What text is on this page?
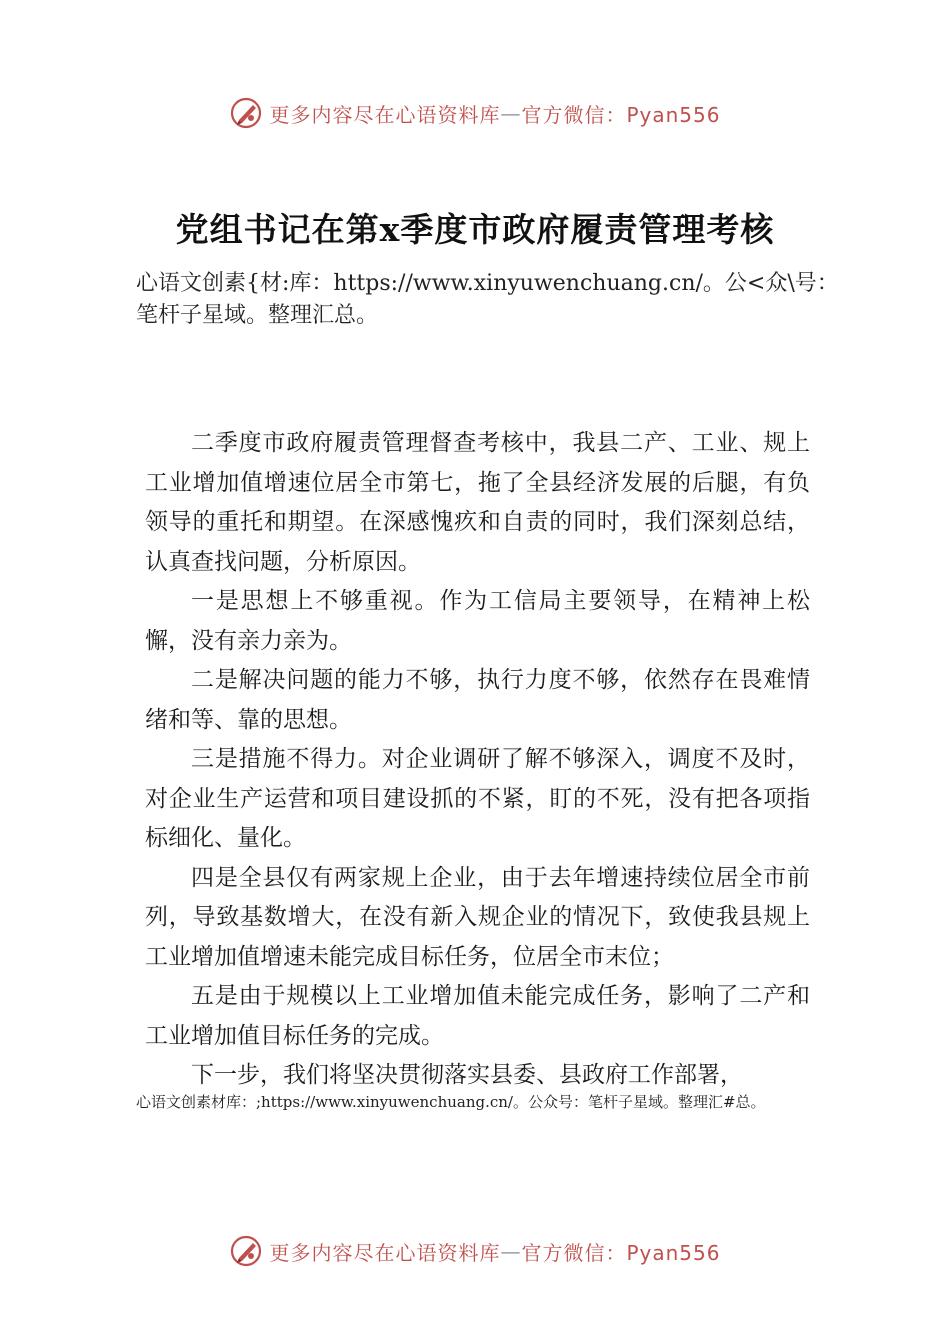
更多内容尽在心语资料库 — 官方微信：Pyan556
党组书记在第x季度市政府履责管理考核
心语文创素{材:库：https://www.xinyuwenchuang.cn/。公<众\号：笔杆子星域。整理汇总。

二季度市政府履责管理督查考核中，我县二产、工业、规上工业增加值增速位居全市第七，拖了全县经济发展的后腿，有负领导的重托和期望。在深感愧疚和自责的同时，我们深刻总结，认真查找问题，分析原因。

一是思想上不够重视。作为工信局主要领导，在精神上松懈，没有亲力亲为。

二是解决问题的能力不够，执行力度不够，依然存在畏难情绪和等、靠的思想。

三是措施不得力。对企业调研了解不够深入，调度不及时，对企业生产运营和项目建设抓的不紧，盯的不死，没有把各项指标细化、量化。

四是全县仅有两家规上企业，由于去年增速持续位居全市前列，导致基数增大，在没有新入规企业的情况下，致使我县规上工业增加值增速未能完成目标任务，位居全市末位；

五是由于规模以上工业增加值未能完成任务，影响了二产和工业增加值目标任务的完成。

下一步，我们将坚决贯彻落实县委、县政府工作部署，

心语文创素材库：;https://www.xinyuwenchuang.cn/。公众号：笔杆子星域。整理汇#总。
更多内容尽在心语资料库 — 官方微信：Pyan556
